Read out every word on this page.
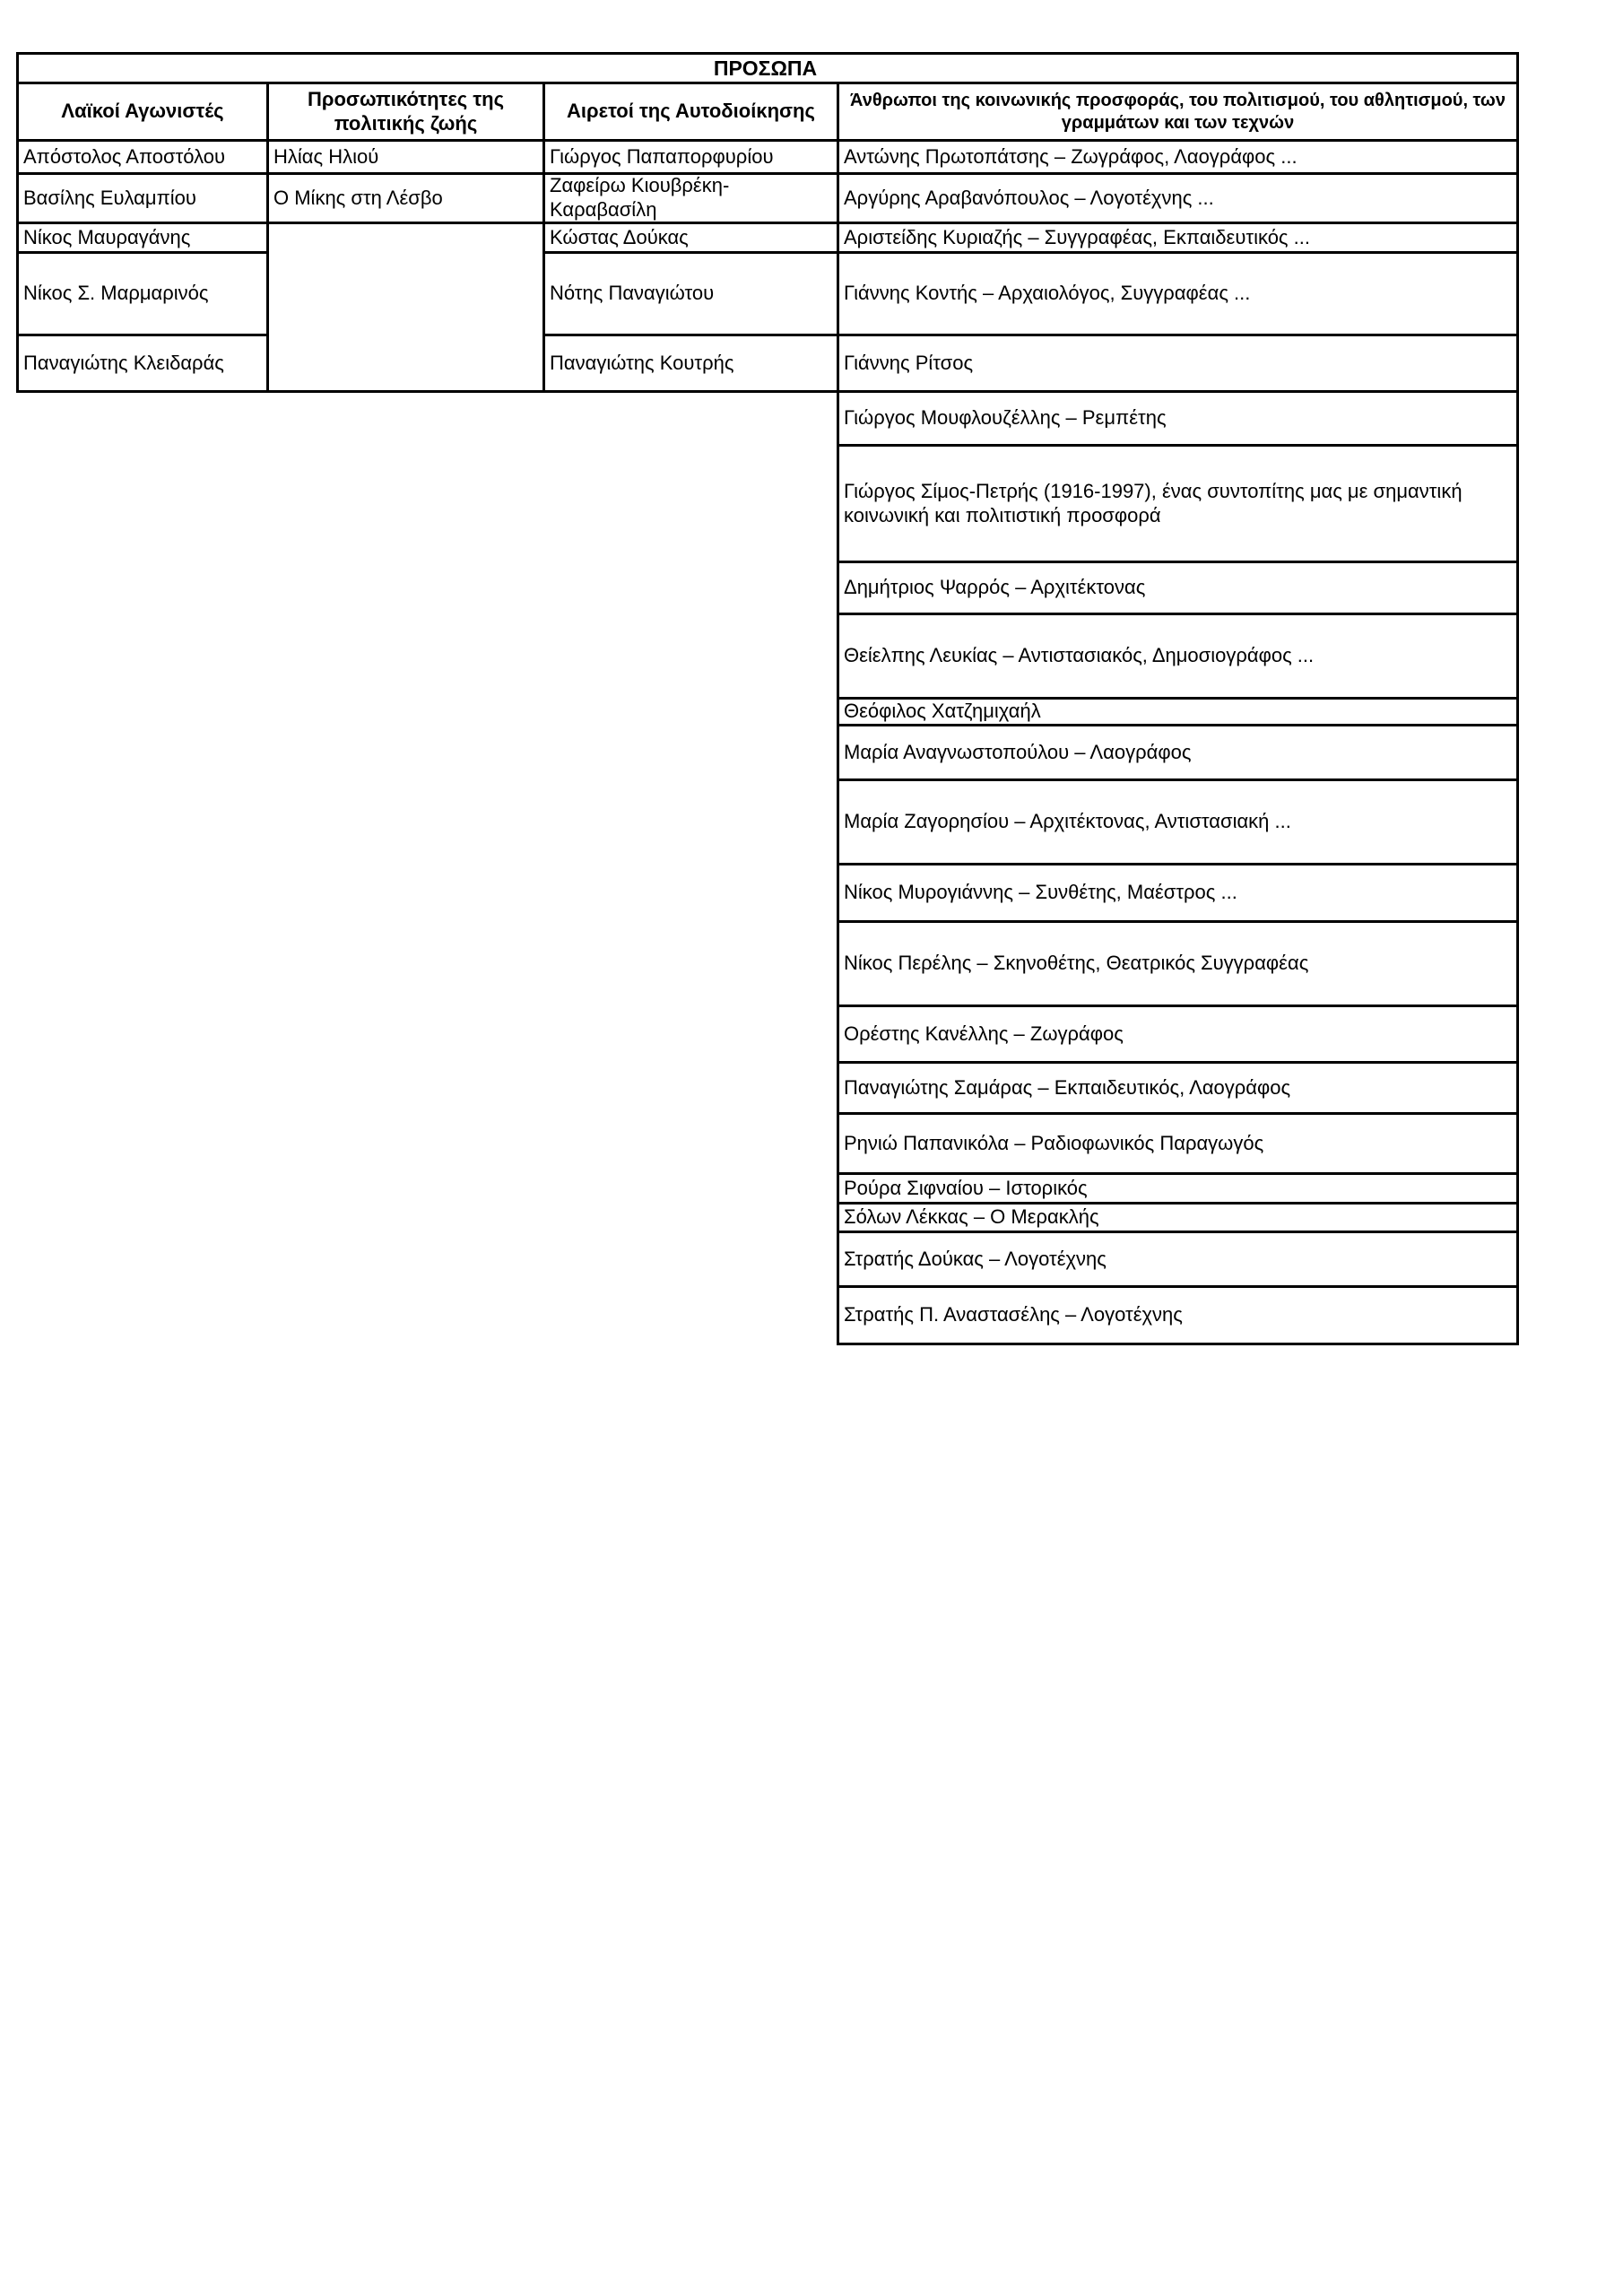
ΠΡΟΣΩΠΑ
Λαϊκοί Αγωνιστές
Προσωπικότητες της πολιτικής ζωής
Αιρετοί της Αυτοδιοίκησης	Άνθρωποι της κοινωνικής προσφοράς, του πολιτισμού, του αθλητισμού, των γραμμάτων και των τεχνών
Απόστολος Αποστόλου
Βασίλης Ευλαμπίου
Νίκος Μαυραγάνης
Νίκος Σ. Μαρμαρινός
Παναγιώτης Κλειδαράς
Ηλίας Ηλιού
Ο Μίκης στη Λέσβο
Γιώργος Παπαπορφυρίου
Ζαφείρω Κιουβρέκη-Καραβασίλη
Κώστας Δούκας
Νότης Παναγιώτου
Παναγιώτης Κουτρής
Αντώνης Πρωτοπάτσης – Ζωγράφος, Λαογράφος ...
Αργύρης Αραβανόπουλος – Λογοτέχνης ...
Αριστείδης Κυριαζής – Συγγραφέας, Εκπαιδευτικός ...
Γιάννης Κοντής – Αρχαιολόγος, Συγγραφέας ...
Γιάννης Ρίτσος
Γιώργος Μουφλουζέλλης – Ρεμπέτης
Γιώργος Σίμος-Πετρής (1916-1997), ένας συντοπίτης μας με σημαντική κοινωνική και πολιτιστική προσφορά
Δημήτριος Ψαρρός – Αρχιτέκτονας
Θείελπης Λευκίας – Αντιστασιακός, Δημοσιογράφος ...
Θεόφιλος Χατζημιχαήλ
Μαρία Αναγνωστοπούλου – Λαογράφος
Μαρία Ζαγορησίου – Αρχιτέκτονας, Αντιστασιακή ...
Νίκος Μυρογιάννης – Συνθέτης, Μαέστρος ...
Νίκος Περέλης – Σκηνοθέτης, Θεατρικός Συγγραφέας
Ορέστης Κανέλλης – Ζωγράφος
Παναγιώτης Σαμάρας – Εκπαιδευτικός, Λαογράφος
Ρηνιώ Παπανικόλα – Ραδιοφωνικός Παραγωγός
Ρούρα Σιφναίου – Ιστορικός
Σόλων Λέκκας – Ο Μερακλής
Στρατής Δούκας – Λογοτέχνης
Στρατής Π. Αναστασέλης – Λογοτέχνης
